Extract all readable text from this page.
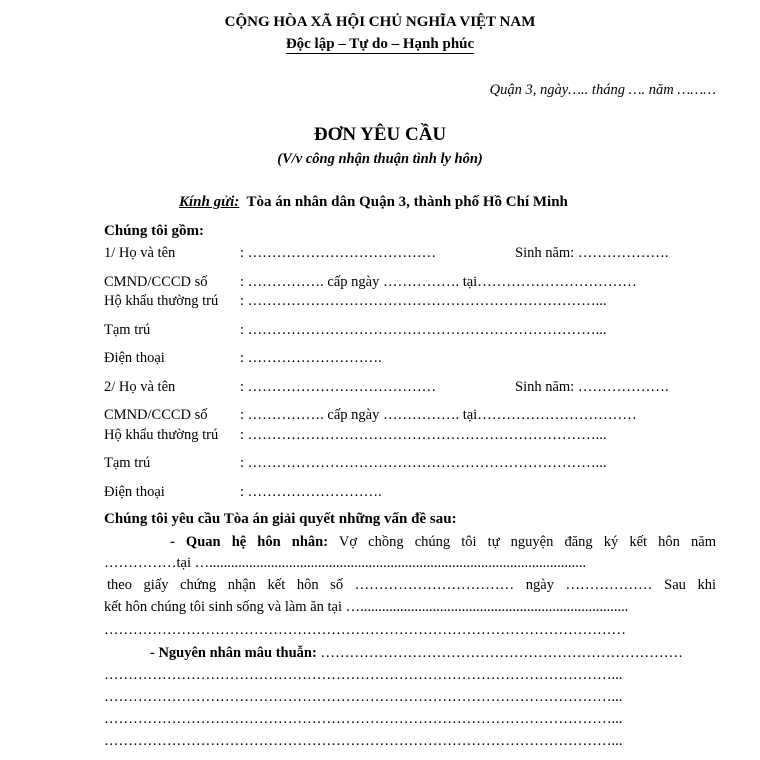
CỘNG HÒA XÃ HỘI CHỦ NGHĨA VIỆT NAM
Độc lập – Tự do – Hạnh phúc
Quận 3, ngày….. tháng …. năm ………
ĐƠN YÊU CẦU
(V/v công nhận thuận tình ly hôn)
Kính gửi: Tòa án nhân dân Quận 3, thành phố Hồ Chí Minh
Chúng tôi gồm:
1/ Họ và tên	: …………………………………	Sinh năm: ……………….
CMND/CCCD số : ……………. cấp ngày ……………. tại……………………………
Hộ khẩu thường trú : ………………………………………………………………...
Tạm trú	: ………………………………………………………………...
Điện thoại	: ……………………….
2/ Họ và tên	: …………………………………	Sinh năm: ……………….
CMND/CCCD số : ……………. cấp ngày ……………. tại……………………………
Hộ khẩu thường trú : ………………………………………………………………...
Tạm trú	: ………………………………………………………………...
Điện thoại	: ……………………….
Chúng tôi yêu cầu Tòa án giải quyết những vấn đề sau:
- Quan hệ hôn nhân: Vợ chồng chúng tôi tự nguyện đăng ký kết hôn năm
……………tại …........................................................................................................
theo giấy chứng nhận kết hôn số …………………………… ngày ……………… Sau khi
kết hôn chúng tôi sinh sống và làm ăn tại …..........................................................................
………………………………………………………………………………………………
- Nguyên nhân mâu thuẫn: …………………………………………………………………
……………………………………………………………………………………………...
……………………………………………………………………………………………...
……………………………………………………………………………………………...
……………………………………………………………………………………………...
